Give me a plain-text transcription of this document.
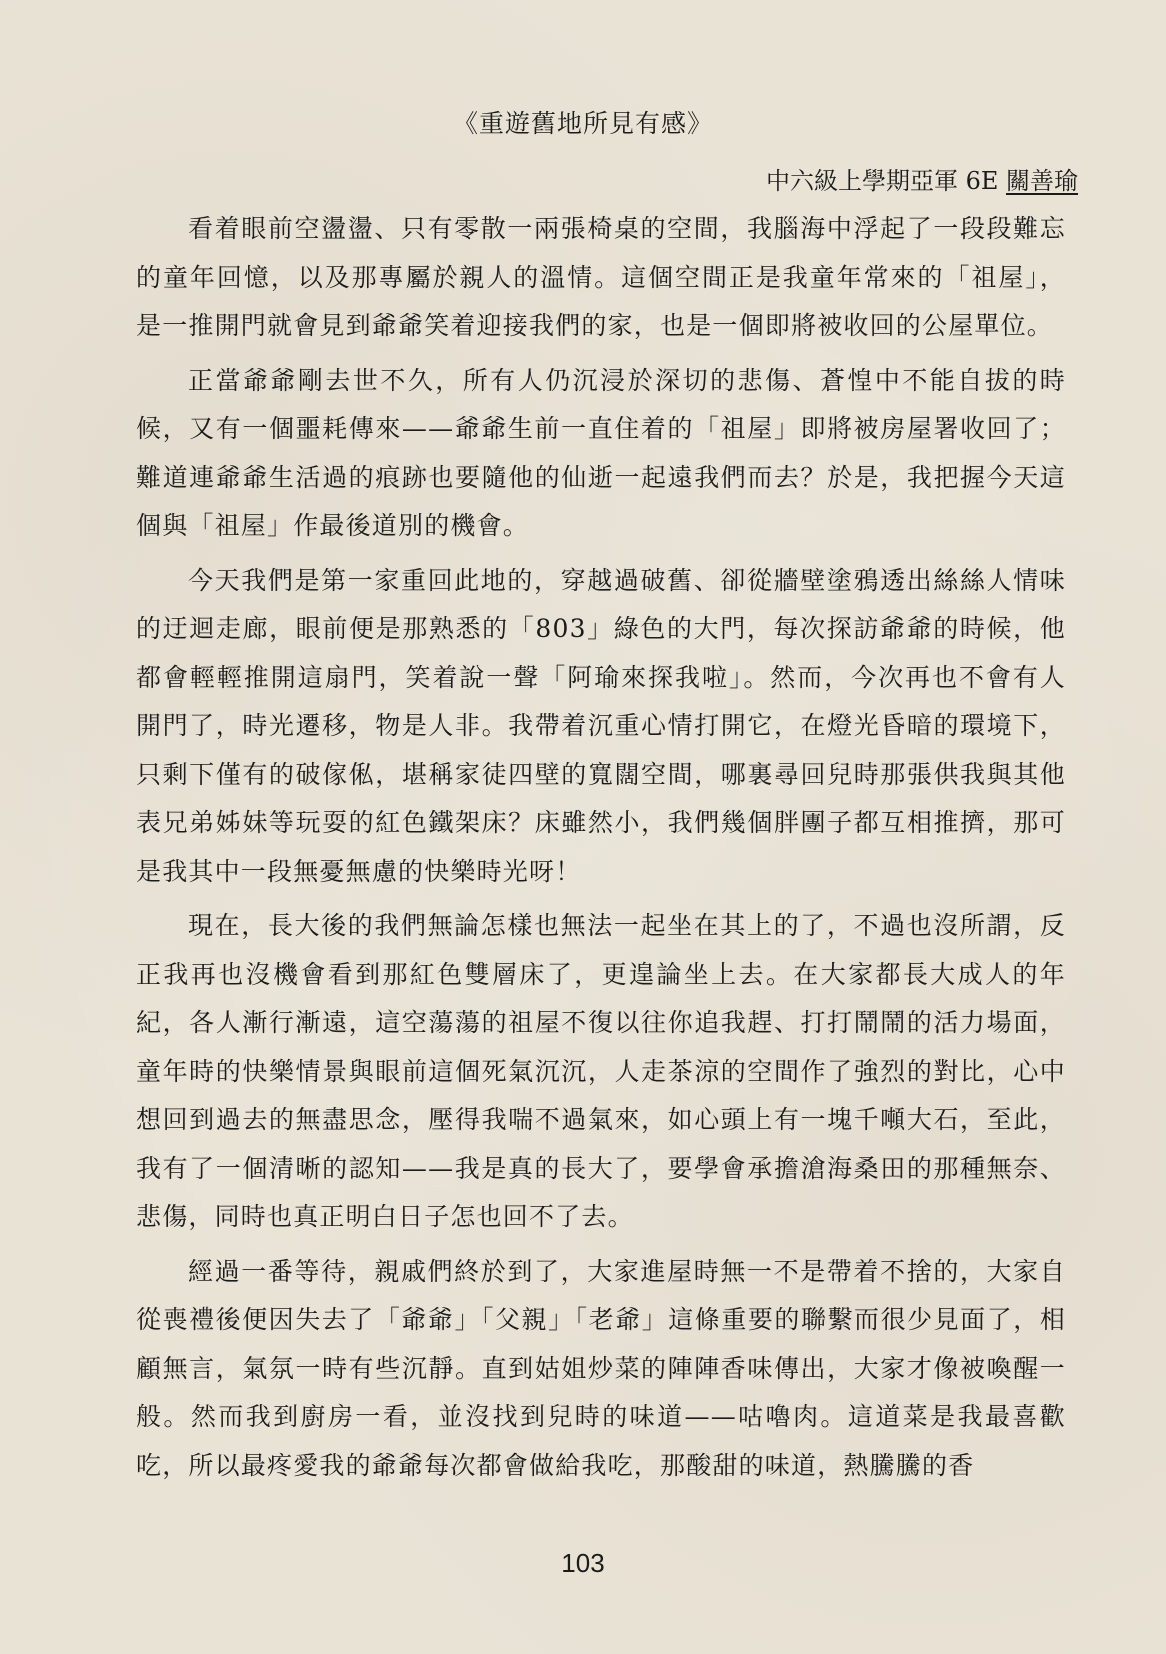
《重遊舊地所見有感》
中六級上學期亞軍 6E 關善瑜

看着眼前空盪盪、只有零散一兩張椅桌的空間，我腦海中浮起了一段段難忘的童年回憶，以及那專屬於親人的溫情。這個空間正是我童年常來的「祖屋」，是一推開門就會見到爺爺笑着迎接我們的家，也是一個即將被收回的公屋單位。

正當爺爺剛去世不久，所有人仍沉浸於深切的悲傷、蒼惶中不能自拔的時候，又有一個噩耗傳來——爺爺生前一直住着的「祖屋」即將被房屋署收回了；難道連爺爺生活過的痕跡也要隨他的仙逝一起遠我們而去？於是，我把握今天這個與「祖屋」作最後道別的機會。

今天我們是第一家重回此地的，穿越過破舊、卻從牆壁塗鴉透出絲絲人情味的迂迴走廊，眼前便是那熟悉的「803」綠色的大門，每次探訪爺爺的時候，他都會輕輕推開這扇門，笑着說一聲「阿瑜來探我啦」。然而，今次再也不會有人開門了，時光遷移，物是人非。我帶着沉重心情打開它，在燈光昏暗的環境下，只剩下僅有的破傢俬，堪稱家徒四壁的寬闊空間，哪裏尋回兒時那張供我與其他表兄弟姊妹等玩耍的紅色鐵架床？床雖然小，我們幾個胖團子都互相推擠，那可是我其中一段無憂無慮的快樂時光呀！

現在，長大後的我們無論怎樣也無法一起坐在其上的了，不過也沒所謂，反正我再也沒機會看到那紅色雙層床了，更遑論坐上去。在大家都長大成人的年紀，各人漸行漸遠，這空蕩蕩的祖屋不復以往你追我趕、打打鬧鬧的活力場面，童年時的快樂情景與眼前這個死氣沉沉，人走茶涼的空間作了強烈的對比，心中想回到過去的無盡思念，壓得我喘不過氣來，如心頭上有一塊千噸大石，至此，我有了一個清晰的認知——我是真的長大了，要學會承擔滄海桑田的那種無奈、悲傷，同時也真正明白日子怎也回不了去。

經過一番等待，親戚們終於到了，大家進屋時無一不是帶着不捨的，大家自從喪禮後便因失去了「爺爺」「父親」「老爺」這條重要的聯繫而很少見面了，相顧無言，氣氛一時有些沉靜。直到姑姐炒菜的陣陣香味傳出，大家才像被喚醒一般。然而我到廚房一看，並沒找到兒時的味道——咕嚕肉。這道菜是我最喜歡吃，所以最疼愛我的爺爺每次都會做給我吃，那酸甜的味道，熱騰騰的香

103
